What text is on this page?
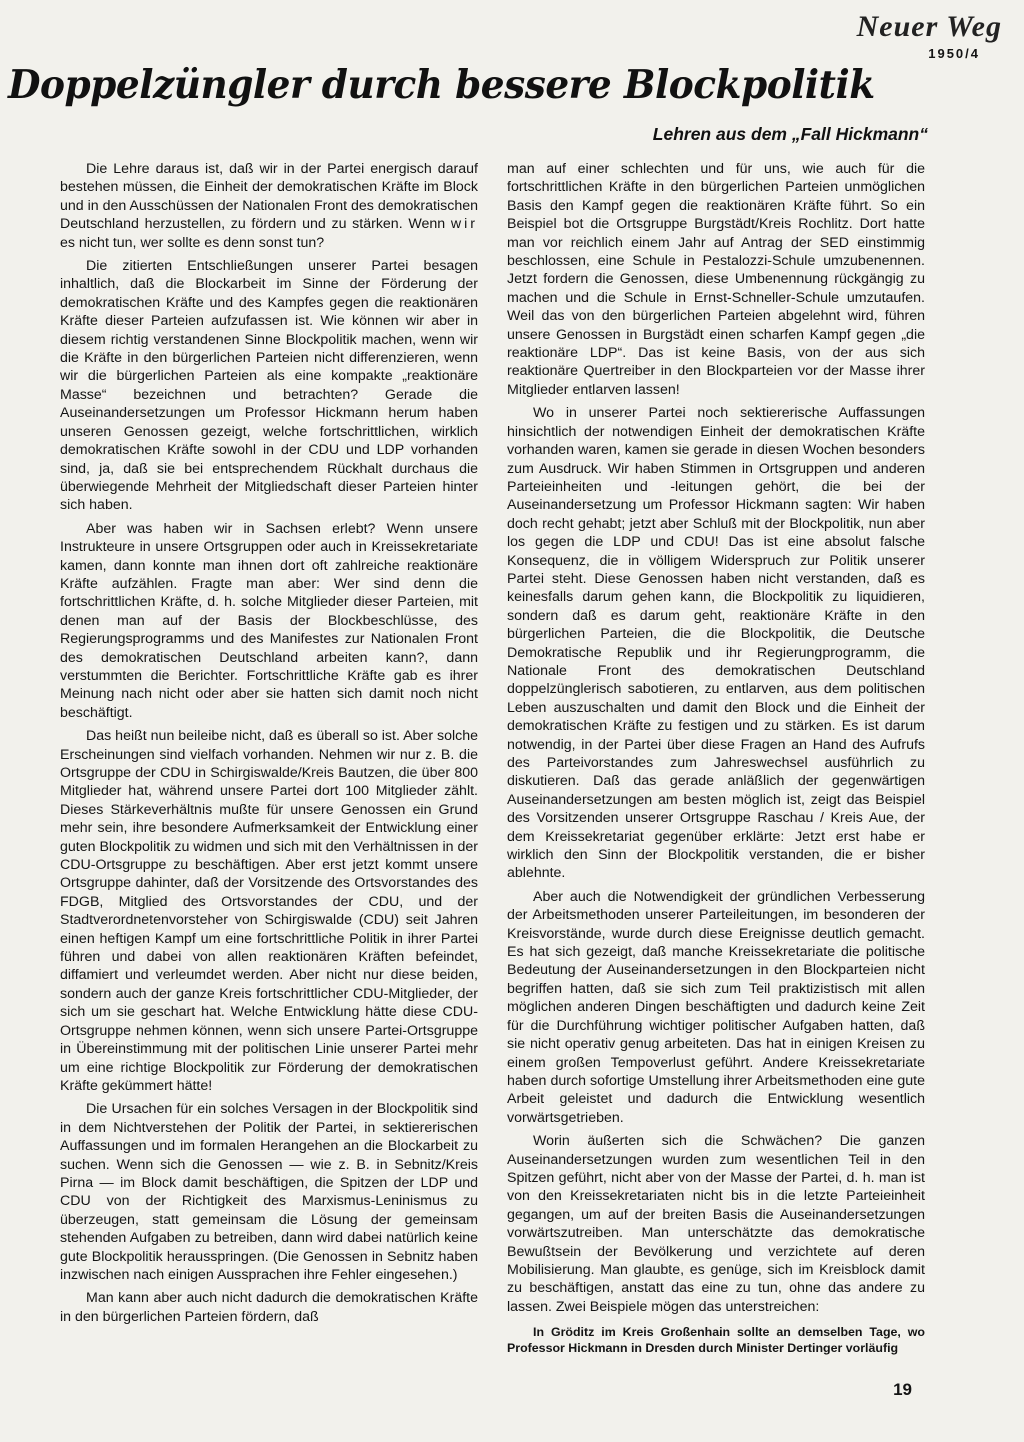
Neuer Weg
1950/4
Doppelzüngler durch bessere Blockpolitik
Lehren aus dem „Fall Hickmann“

Die Lehre daraus ist, daß wir in der Partei energisch darauf bestehen müssen, die Einheit der demokratischen Kräfte im Block und in den Ausschüssen der Nationalen Front des demokratischen Deutschland herzustellen, zu fördern und zu stärken. Wenn wir es nicht tun, wer sollte es denn sonst tun?

Die zitierten Entschließungen unserer Partei besagen inhaltlich, daß die Blockarbeit im Sinne der Förderung der demokratischen Kräfte und des Kampfes gegen die reaktionären Kräfte dieser Parteien aufzufassen ist. Wie können wir aber in diesem richtig verstandenen Sinne Blockpolitik machen, wenn wir die Kräfte in den bürgerlichen Parteien nicht differenzieren, wenn wir die bürgerlichen Parteien als eine kompakte „reaktionäre Masse“ bezeichnen und betrachten? Gerade die Auseinandersetzungen um Professor Hickmann herum haben unseren Genossen gezeigt, welche fortschrittlichen, wirklich demokratischen Kräfte sowohl in der CDU und LDP vorhanden sind, ja, daß sie bei entsprechendem Rückhalt durchaus die überwiegende Mehrheit der Mitgliedschaft dieser Parteien hinter sich haben.

Aber was haben wir in Sachsen erlebt? Wenn unsere Instrukteure in unsere Ortsgruppen oder auch in Kreissekretariate kamen, dann konnte man ihnen dort oft zahlreiche reaktionäre Kräfte aufzählen. Fragte man aber: Wer sind denn die fortschrittlichen Kräfte, d. h. solche Mitglieder dieser Parteien, mit denen man auf der Basis der Blockbeschlüsse, des Regierungsprogramms und des Manifestes zur Nationalen Front des demokratischen Deutschland arbeiten kann?, dann verstummten die Berichter. Fortschrittliche Kräfte gab es ihrer Meinung nach nicht oder aber sie hatten sich damit noch nicht beschäftigt.

Das heißt nun beileibe nicht, daß es überall so ist. Aber solche Erscheinungen sind vielfach vorhanden. Nehmen wir nur z. B. die Ortsgruppe der CDU in Schirgiswalde/Kreis Bautzen, die über 800 Mitglieder hat, während unsere Partei dort 100 Mitglieder zählt. Dieses Stärkeverhältnis mußte für unsere Genossen ein Grund mehr sein, ihre besondere Aufmerksamkeit der Entwicklung einer guten Blockpolitik zu widmen und sich mit den Verhältnissen in der CDU-Ortsgruppe zu beschäftigen. Aber erst jetzt kommt unsere Ortsgruppe dahinter, daß der Vorsitzende des Ortsvorstandes des FDGB, Mitglied des Ortsvorstandes der CDU, und der Stadtverordnetenvorsteher von Schirgiswalde (CDU) seit Jahren einen heftigen Kampf um eine fortschrittliche Politik in ihrer Partei führen und dabei von allen reaktionären Kräften befeindet, diffamiert und verleumdet werden. Aber nicht nur diese beiden, sondern auch der ganze Kreis fortschrittlicher CDU-Mitglieder, der sich um sie geschart hat. Welche Entwicklung hätte diese CDU-Ortsgruppe nehmen können, wenn sich unsere Partei-Ortsgruppe in Übereinstimmung mit der politischen Linie unserer Partei mehr um eine richtige Blockpolitik zur Förderung der demokratischen Kräfte gekümmert hätte!

Die Ursachen für ein solches Versagen in der Blockpolitik sind in dem Nichtverstehen der Politik der Partei, in sektiererischen Auffassungen und im formalen Herangehen an die Blockarbeit zu suchen. Wenn sich die Genossen — wie z. B. in Sebnitz/Kreis Pirna — im Block damit beschäftigen, die Spitzen der LDP und CDU von der Richtigkeit des Marxismus-Leninismus zu überzeugen, statt gemeinsam die Lösung der gemeinsam stehenden Aufgaben zu betreiben, dann wird dabei natürlich keine gute Blockpolitik herausspringen. (Die Genossen in Sebnitz haben inzwischen nach einigen Aussprachen ihre Fehler eingesehen.)

Man kann aber auch nicht dadurch die demokratischen Kräfte in den bürgerlichen Parteien fördern, daß

man auf einer schlechten und für uns, wie auch für die fortschrittlichen Kräfte in den bürgerlichen Parteien unmöglichen Basis den Kampf gegen die reaktionären Kräfte führt. So ein Beispiel bot die Ortsgruppe Burgstädt/Kreis Rochlitz. Dort hatte man vor reichlich einem Jahr auf Antrag der SED einstimmig beschlossen, eine Schule in Pestalozzi-Schule umzubenennen. Jetzt fordern die Genossen, diese Umbenennung rückgängig zu machen und die Schule in Ernst-Schneller-Schule umzutaufen. Weil das von den bürgerlichen Parteien abgelehnt wird, führen unsere Genossen in Burgstädt einen scharfen Kampf gegen „die reaktionäre LDP“. Das ist keine Basis, von der aus sich reaktionäre Quertreiber in den Blockparteien vor der Masse ihrer Mitglieder entlarven lassen!

Wo in unserer Partei noch sektiererische Auffassungen hinsichtlich der notwendigen Einheit der demokratischen Kräfte vorhanden waren, kamen sie gerade in diesen Wochen besonders zum Ausdruck. Wir haben Stimmen in Ortsgruppen und anderen Parteieinheiten und -leitungen gehört, die bei der Auseinandersetzung um Professor Hickmann sagten: Wir haben doch recht gehabt; jetzt aber Schluß mit der Blockpolitik, nun aber los gegen die LDP und CDU! Das ist eine absolut falsche Konsequenz, die in völligem Widerspruch zur Politik unserer Partei steht. Diese Genossen haben nicht verstanden, daß es keinesfalls darum gehen kann, die Blockpolitik zu liquidieren, sondern daß es darum geht, reaktionäre Kräfte in den bürgerlichen Parteien, die die Blockpolitik, die Deutsche Demokratische Republik und ihr Regierungprogramm, die Nationale Front des demokratischen Deutschland doppelzünglerisch sabotieren, zu entlarven, aus dem politischen Leben auszuschalten und damit den Block und die Einheit der demokratischen Kräfte zu festigen und zu stärken. Es ist darum notwendig, in der Partei über diese Fragen an Hand des Aufrufs des Parteivorstandes zum Jahreswechsel ausführlich zu diskutieren. Daß das gerade anläßlich der gegenwärtigen Auseinandersetzungen am besten möglich ist, zeigt das Beispiel des Vorsitzenden unserer Ortsgruppe Raschau / Kreis Aue, der dem Kreissekretariat gegenüber erklärte: Jetzt erst habe er wirklich den Sinn der Blockpolitik verstanden, die er bisher ablehnte.

Aber auch die Notwendigkeit der gründlichen Verbesserung der Arbeitsmethoden unserer Parteileitungen, im besonderen der Kreisvorstände, wurde durch diese Ereignisse deutlich gemacht. Es hat sich gezeigt, daß manche Kreissekretariate die politische Bedeutung der Auseinandersetzungen in den Blockparteien nicht begriffen hatten, daß sie sich zum Teil praktizistisch mit allen möglichen anderen Dingen beschäftigten und dadurch keine Zeit für die Durchführung wichtiger politischer Aufgaben hatten, daß sie nicht operativ genug arbeiteten. Das hat in einigen Kreisen zu einem großen Tempoverlust geführt. Andere Kreissekretariate haben durch sofortige Umstellung ihrer Arbeitsmethoden eine gute Arbeit geleistet und dadurch die Entwicklung wesentlich vorwärtsgetrieben.

Worin äußerten sich die Schwächen? Die ganzen Auseinandersetzungen wurden zum wesentlichen Teil in den Spitzen geführt, nicht aber von der Masse der Partei, d. h. man ist von den Kreissekretariaten nicht bis in die letzte Parteieinheit gegangen, um auf der breiten Basis die Auseinandersetzungen vorwärtszutreiben. Man unterschätzte das demokratische Bewußtsein der Bevölkerung und verzichtete auf deren Mobilisierung. Man glaubte, es genüge, sich im Kreisblock damit zu beschäftigen, anstatt das eine zu tun, ohne das andere zu lassen. Zwei Beispiele mögen das unterstreichen:

In Gröditz im Kreis Großenhain sollte an demselben Tage, wo Professor Hickmann in Dresden durch Minister Dertinger vorläufig

19
